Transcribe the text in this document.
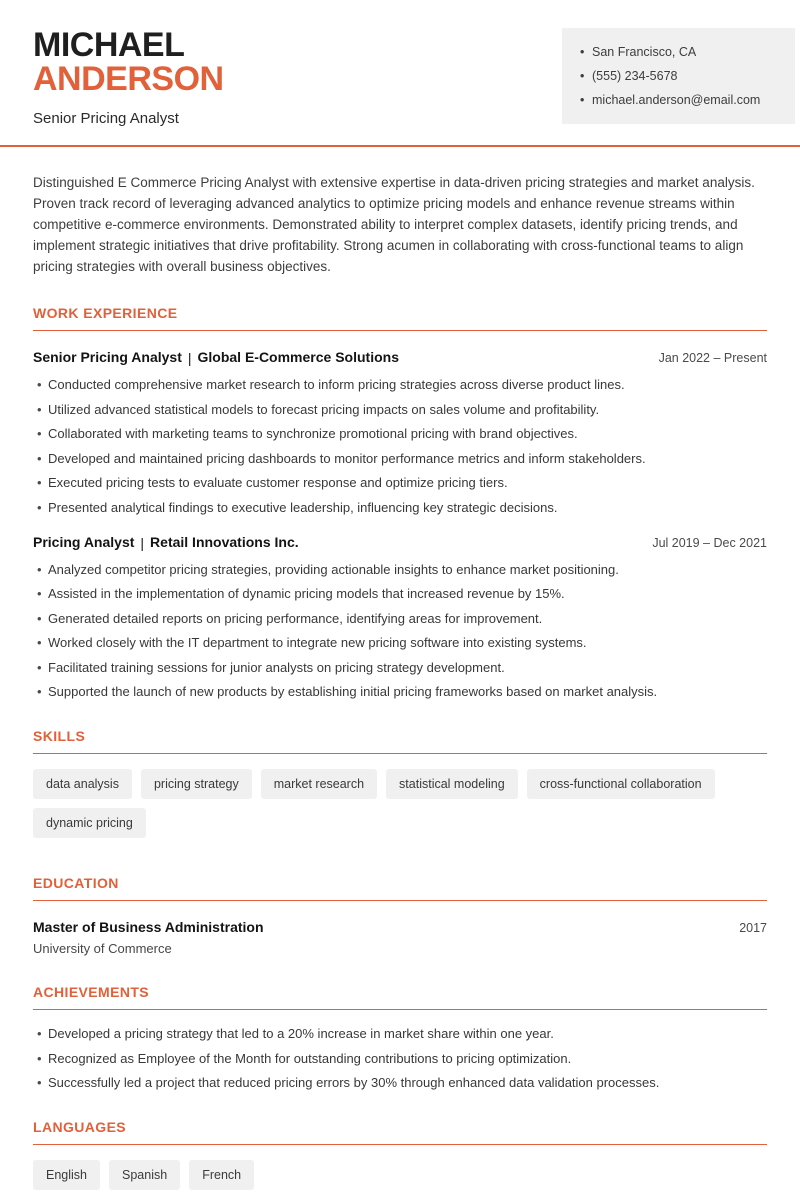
MICHAEL
ANDERSON
Senior Pricing Analyst
• San Francisco, CA
• (555) 234-5678
• michael.anderson@email.com

Distinguished E Commerce Pricing Analyst with extensive expertise in data-driven pricing strategies and market analysis. Proven track record of leveraging advanced analytics to optimize pricing models and enhance revenue streams within competitive e-commerce environments. Demonstrated ability to interpret complex datasets, identify pricing trends, and implement strategic initiatives that drive profitability. Strong acumen in collaborating with cross-functional teams to align pricing strategies with overall business objectives.

WORK EXPERIENCE
Senior Pricing Analyst | Global E-Commerce Solutions	Jan 2022 – Present
• Conducted comprehensive market research to inform pricing strategies across diverse product lines.
• Utilized advanced statistical models to forecast pricing impacts on sales volume and profitability.
• Collaborated with marketing teams to synchronize promotional pricing with brand objectives.
• Developed and maintained pricing dashboards to monitor performance metrics and inform stakeholders.
• Executed pricing tests to evaluate customer response and optimize pricing tiers.
• Presented analytical findings to executive leadership, influencing key strategic decisions.
Pricing Analyst | Retail Innovations Inc.	Jul 2019 – Dec 2021
• Analyzed competitor pricing strategies, providing actionable insights to enhance market positioning.
• Assisted in the implementation of dynamic pricing models that increased revenue by 15%.
• Generated detailed reports on pricing performance, identifying areas for improvement.
• Worked closely with the IT department to integrate new pricing software into existing systems.
• Facilitated training sessions for junior analysts on pricing strategy development.
• Supported the launch of new products by establishing initial pricing frameworks based on market analysis.
SKILLS
data analysis	pricing strategy	market research	statistical modeling	cross-functional collaboration
dynamic pricing
EDUCATION
Master of Business Administration	2017
University of Commerce
ACHIEVEMENTS
• Developed a pricing strategy that led to a 20% increase in market share within one year.
• Recognized as Employee of the Month for outstanding contributions to pricing optimization.
• Successfully led a project that reduced pricing errors by 30% through enhanced data validation processes.
LANGUAGES
English	Spanish	French
